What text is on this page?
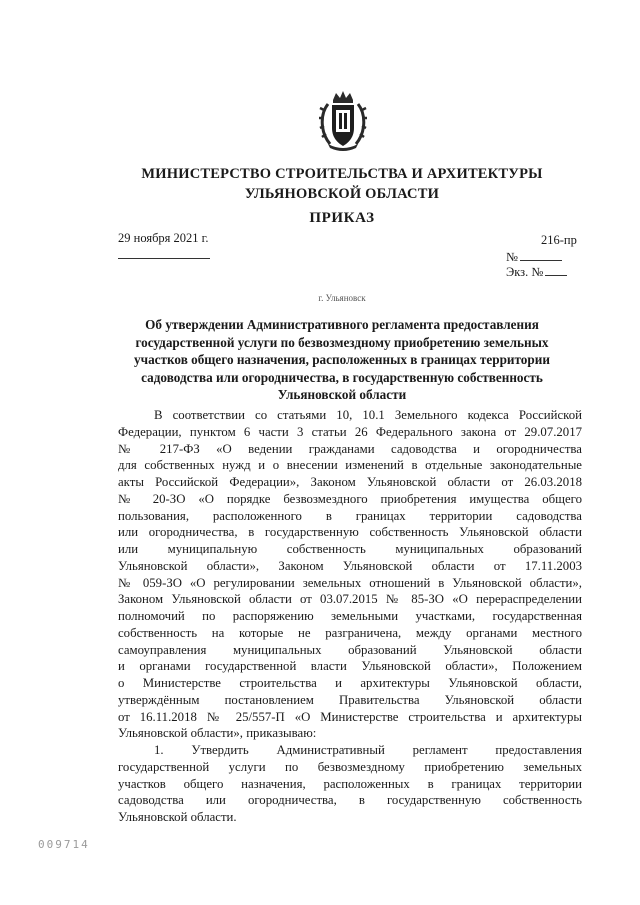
МИНИСТЕРСТВО СТРОИТЕЛЬСТВА И АРХИТЕКТУРЫ
УЛЬЯНОВСКОЙ ОБЛАСТИ
ПРИКАЗ
29 ноября 2021 г.	216-пр
№
Экз. №
г. Ульяновск
Об утверждении Административного регламента предоставления
государственной услуги по безвозмездному приобретению земельных
участков общего назначения, расположенных в границах территории
садоводства или огородничества, в государственную собственность
Ульяновской области
В соответствии со статьями 10, 10.1 Земельного кодекса Российской
Федерации, пунктом 6 части 3 статьи 26 Федерального закона от 29.07.2017
№ 217-ФЗ «О ведении гражданами садоводства и огородничества
для собственных нужд и о внесении изменений в отдельные законодательные
акты Российской Федерации», Законом Ульяновской области от 26.03.2018
№ 20-ЗО «О порядке безвозмездного приобретения имущества общего
пользования, расположенного в границах территории садоводства
или огородничества, в государственную собственность Ульяновской области
или муниципальную собственность муниципальных образований
Ульяновской области», Законом Ульяновской области от 17.11.2003
№ 059-ЗО «О регулировании земельных отношений в Ульяновской области»,
Законом Ульяновской области от 03.07.2015 № 85-ЗО «О перераспределении
полномочий по распоряжению земельными участками, государственная
собственность на которые не разграничена, между органами местного
самоуправления муниципальных образований Ульяновской области
и органами государственной власти Ульяновской области», Положением
о Министерстве строительства и архитектуры Ульяновской области,
утверждённым постановлением Правительства Ульяновской области
от 16.11.2018 № 25/557-П «О Министерстве строительства и архитектуры
Ульяновской области», приказываю:
1. Утвердить Административный регламент предоставления
государственной услуги по безвозмездному приобретению земельных
участков общего назначения, расположенных в границах территории
садоводства или огородничества, в государственную собственность
Ульяновской области.
009714
